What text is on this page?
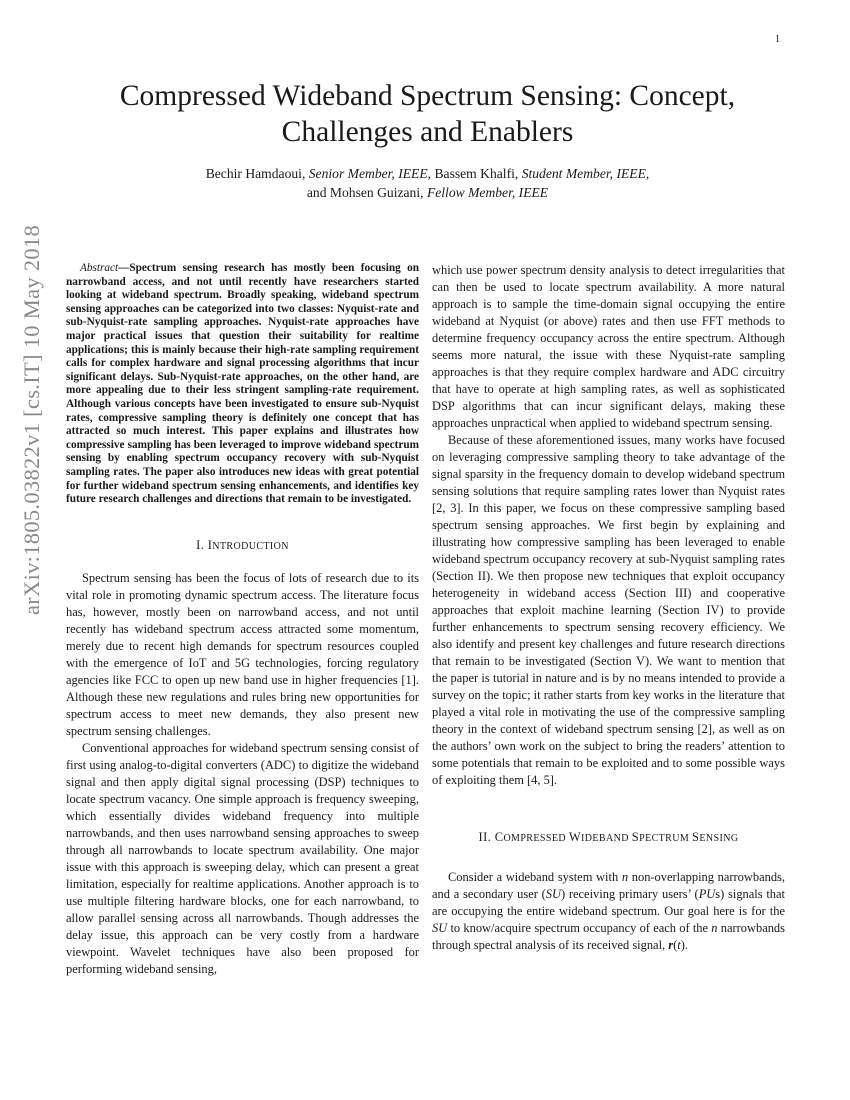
1
arXiv:1805.03822v1 [cs.IT] 10 May 2018
Compressed Wideband Spectrum Sensing: Concept,
Challenges and Enablers
Bechir Hamdaoui, Senior Member, IEEE, Bassem Khalfi, Student Member, IEEE,
and Mohsen Guizani, Fellow Member, IEEE

Abstract—Spectrum sensing research has mostly been focusing on narrowband access, and not until recently have researchers started looking at wideband spectrum. Broadly speaking, wideband spectrum sensing approaches can be categorized into two classes: Nyquist-rate and sub-Nyquist-rate sampling approaches. Nyquist-rate approaches have major practical issues that question their suitability for realtime applications; this is mainly because their high-rate sampling requirement calls for complex hardware and signal processing algorithms that incur significant delays. Sub-Nyquist-rate approaches, on the other hand, are more appealing due to their less stringent sampling-rate requirement. Although various concepts have been investigated to ensure sub-Nyquist rates, compressive sampling theory is definitely one concept that has attracted so much interest. This paper explains and illustrates how compressive sampling has been leveraged to improve wideband spectrum sensing by enabling spectrum occupancy recovery with sub-Nyquist sampling rates. The paper also introduces new ideas with great potential for further wideband spectrum sensing enhancements, and identifies key future research challenges and directions that remain to be investigated.

I. INTRODUCTION

Spectrum sensing has been the focus of lots of research due to its vital role in promoting dynamic spectrum access. The literature focus has, however, mostly been on narrowband access, and not until recently has wideband spectrum access attracted some momentum, merely due to recent high demands for spectrum resources coupled with the emergence of IoT and 5G technologies, forcing regulatory agencies like FCC to open up new band use in higher frequencies [1]. Although these new regulations and rules bring new opportunities for spectrum access to meet new demands, they also present new spectrum sensing challenges.

Conventional approaches for wideband spectrum sensing consist of first using analog-to-digital converters (ADC) to digitize the wideband signal and then apply digital signal processing (DSP) techniques to locate spectrum vacancy. One simple approach is frequency sweeping, which essentially divides wideband frequency into multiple narrowbands, and then uses narrowband sensing approaches to sweep through all narrowbands to locate spectrum availability. One major issue with this approach is sweeping delay, which can present a great limitation, especially for realtime applications. Another approach is to use multiple filtering hardware blocks, one for each narrowband, to allow parallel sensing across all narrowbands. Though addresses the delay issue, this approach can be very costly from a hardware viewpoint. Wavelet techniques have also been proposed for performing wideband sensing,

which use power spectrum density analysis to detect irregularities that can then be used to locate spectrum availability. A more natural approach is to sample the time-domain signal occupying the entire wideband at Nyquist (or above) rates and then use FFT methods to determine frequency occupancy across the entire spectrum. Although seems more natural, the issue with these Nyquist-rate sampling approaches is that they require complex hardware and ADC circuitry that have to operate at high sampling rates, as well as sophisticated DSP algorithms that can incur significant delays, making these approaches unpractical when applied to wideband spectrum sensing.

Because of these aforementioned issues, many works have focused on leveraging compressive sampling theory to take advantage of the signal sparsity in the frequency domain to develop wideband spectrum sensing solutions that require sampling rates lower than Nyquist rates [2, 3]. In this paper, we focus on these compressive sampling based spectrum sensing approaches. We first begin by explaining and illustrating how compressive sampling has been leveraged to enable wideband spectrum occupancy recovery at sub-Nyquist sampling rates (Section II). We then propose new techniques that exploit occupancy heterogeneity in wideband access (Section III) and cooperative approaches that exploit machine learning (Section IV) to provide further enhancements to spectrum sensing recovery efficiency. We also identify and present key challenges and future research directions that remain to be investigated (Section V). We want to mention that the paper is tutorial in nature and is by no means intended to provide a survey on the topic; it rather starts from key works in the literature that played a vital role in motivating the use of the compressive sampling theory in the context of wideband spectrum sensing [2], as well as on the authors’ own work on the subject to bring the readers’ attention to some potentials that remain to be exploited and to some possible ways of exploiting them [4, 5].

II. COMPRESSED WIDEBAND SPECTRUM SENSING

Consider a wideband system with n non-overlapping narrowbands, and a secondary user (SU) receiving primary users’ (PUs) signals that are occupying the entire wideband spectrum. Our goal here is for the SU to know/acquire spectrum occupancy of each of the n narrowbands through spectral analysis of its received signal, r(t).
